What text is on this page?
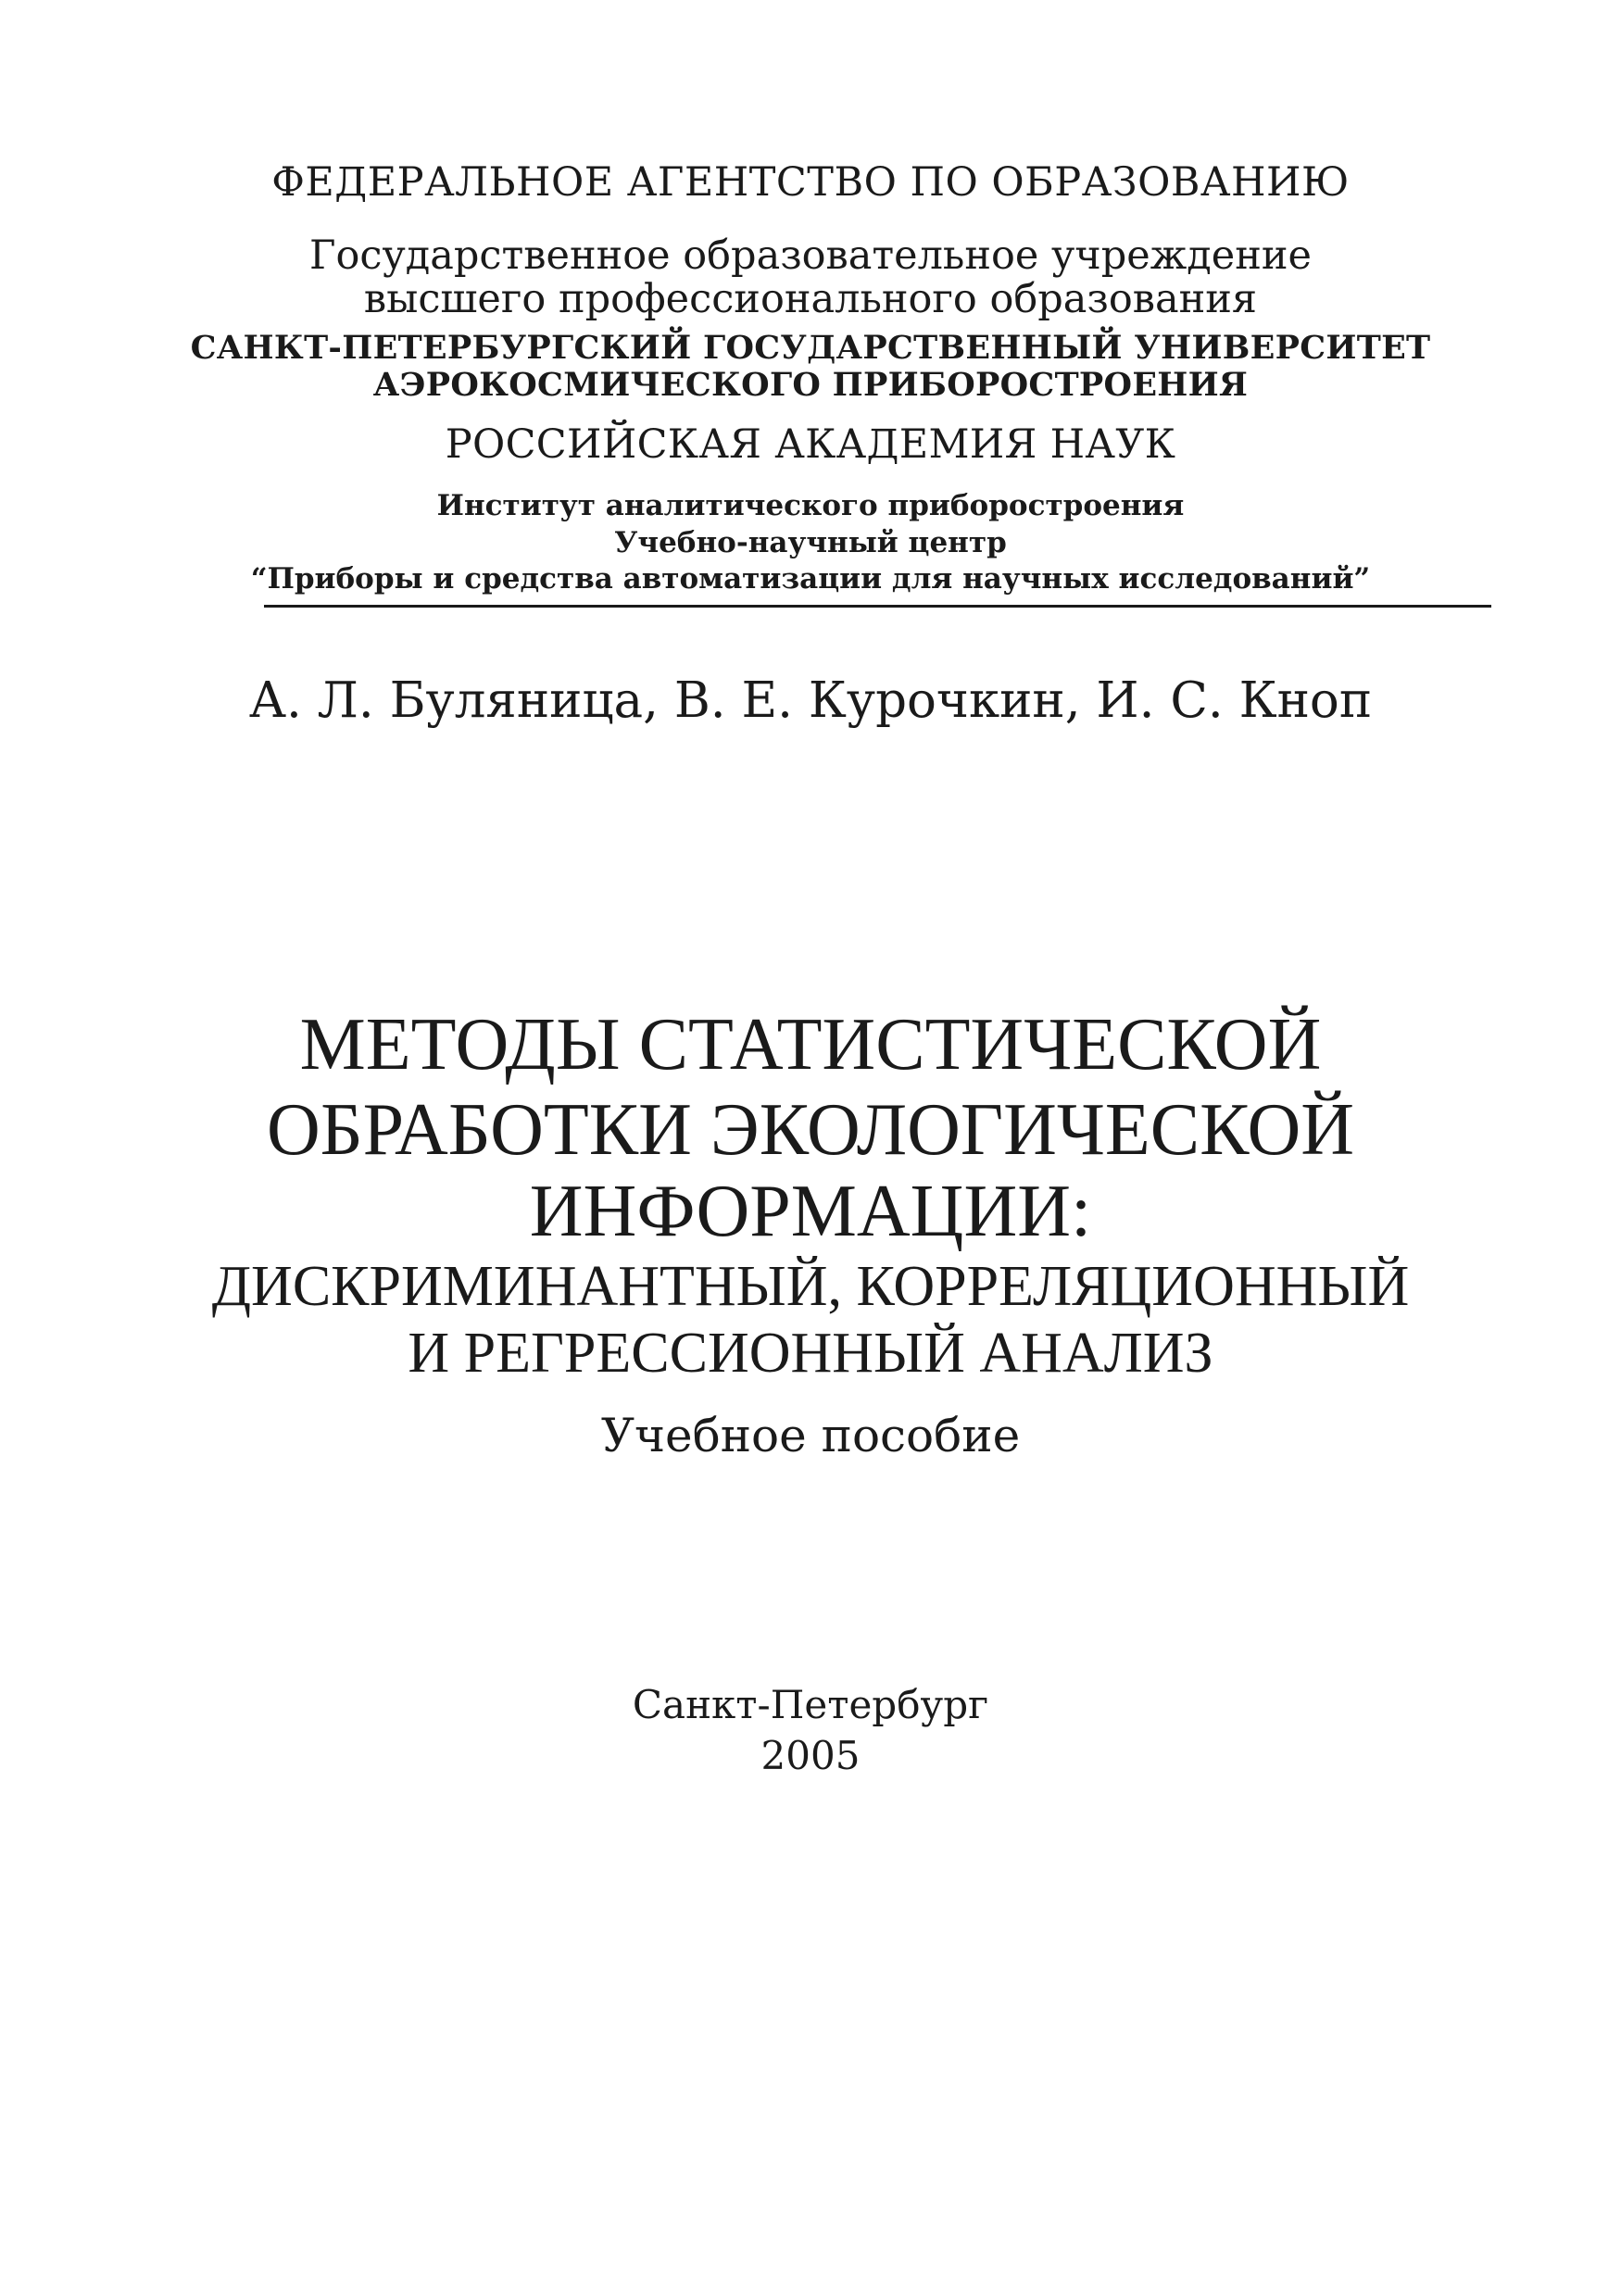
ФЕДЕРАЛЬНОЕ АГЕНТСТВО ПО ОБРАЗОВАНИЮ
Государственное образовательное учреждение
высшего профессионального образования
САНКТ-ПЕТЕРБУРГСКИЙ ГОСУДАРСТВЕННЫЙ УНИВЕРСИТЕТ
АЭРОКОСМИЧЕСКОГО ПРИБОРОСТРОЕНИЯ
РОССИЙСКАЯ АКАДЕМИЯ НАУК
Институт аналитического приборостроения
Учебно-научный центр
“Приборы и средства автоматизации для научных исследований”
А. Л. Буляница, В. Е. Курочкин, И. С. Кноп
МЕТОДЫ СТАТИСТИЧЕСКОЙ
ОБРАБОТКИ ЭКОЛОГИЧЕСКОЙ
ИНФОРМАЦИИ:
ДИСКРИМИНАНТНЫЙ, КОРРЕЛЯЦИОННЫЙ
И РЕГРЕССИОННЫЙ АНАЛИЗ
Учебное пособие
Санкт-Петербург
2005
